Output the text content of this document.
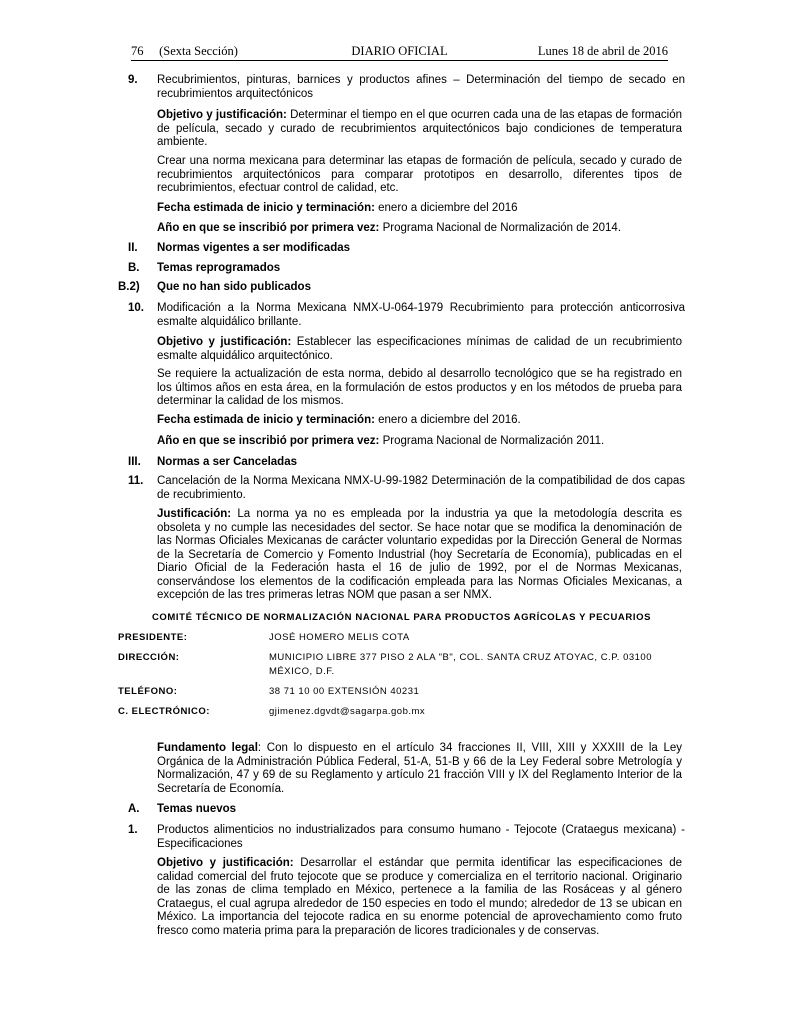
76     (Sexta Sección)	DIARIO OFICIAL	Lunes 18 de abril de 2016
9. Recubrimientos, pinturas, barnices y productos afines – Determinación del tiempo de secado en recubrimientos arquitectónicos
Objetivo y justificación: Determinar el tiempo en el que ocurren cada una de las etapas de formación de película, secado y curado de recubrimientos arquitectónicos bajo condiciones de temperatura ambiente.
Crear una norma mexicana para determinar las etapas de formación de película, secado y curado de recubrimientos arquitectónicos para comparar prototipos en desarrollo, diferentes tipos de recubrimientos, efectuar control de calidad, etc.
Fecha estimada de inicio y terminación: enero a diciembre del 2016
Año en que se inscribió por primera vez: Programa Nacional de Normalización de 2014.
II. Normas vigentes a ser modificadas
B. Temas reprogramados
B.2) Que no han sido publicados
10. Modificación a la Norma Mexicana NMX-U-064-1979 Recubrimiento para protección anticorrosiva esmalte alquidálico brillante.
Objetivo y justificación: Establecer las especificaciones mínimas de calidad de un recubrimiento esmalte alquidálico arquitectónico.
Se requiere la actualización de esta norma, debido al desarrollo tecnológico que se ha registrado en los últimos años en esta área, en la formulación de estos productos y en los métodos de prueba para determinar la calidad de los mismos.
Fecha estimada de inicio y terminación: enero a diciembre del 2016.
Año en que se inscribió por primera vez: Programa Nacional de Normalización 2011.
III. Normas a ser Canceladas
11. Cancelación de la Norma Mexicana NMX-U-99-1982 Determinación de la compatibilidad de dos capas de recubrimiento.
Justificación: La norma ya no es empleada por la industria ya que la metodología descrita es obsoleta y no cumple las necesidades del sector. Se hace notar que se modifica la denominación de las Normas Oficiales Mexicanas de carácter voluntario expedidas por la Dirección General de Normas de la Secretaría de Comercio y Fomento Industrial (hoy Secretaría de Economía), publicadas en el Diario Oficial de la Federación hasta el 16 de julio de 1992, por el de Normas Mexicanas, conservándose los elementos de la codificación empleada para las Normas Oficiales Mexicanas, a excepción de las tres primeras letras NOM que pasan a ser NMX.
COMITÉ TÉCNICO DE NORMALIZACIÓN NACIONAL PARA PRODUCTOS AGRÍCOLAS Y PECUARIOS
PRESIDENTE:	JOSÉ HOMERO MELIS COTA
DIRECCIÓN:	MUNICIPIO LIBRE 377 PISO 2 ALA "B", COL. SANTA CRUZ ATOYAC, C.P. 03100 MÉXICO, D.F.
TELÉFONO:	38 71 10 00 EXTENSIÓN 40231
C. ELECTRÓNICO:	gjimenez.dgvdt@sagarpa.gob.mx
Fundamento legal: Con lo dispuesto en el artículo 34 fracciones II, VIII, XIII y XXXIII de la Ley Orgánica de la Administración Pública Federal, 51-A, 51-B y 66 de la Ley Federal sobre Metrología y Normalización, 47 y 69 de su Reglamento y artículo 21 fracción VIII y IX del Reglamento Interior de la Secretaría de Economía.
A. Temas nuevos
1. Productos alimenticios no industrializados para consumo humano - Tejocote (Crataegus mexicana) - Especificaciones
Objetivo y justificación: Desarrollar el estándar que permita identificar las especificaciones de calidad comercial del fruto tejocote que se produce y comercializa en el territorio nacional. Originario de las zonas de clima templado en México, pertenece a la familia de las Rosáceas y al género Crataegus, el cual agrupa alrededor de 150 especies en todo el mundo; alrededor de 13 se ubican en México. La importancia del tejocote radica en su enorme potencial de aprovechamiento como fruto fresco como materia prima para la preparación de licores tradicionales y de conservas.
